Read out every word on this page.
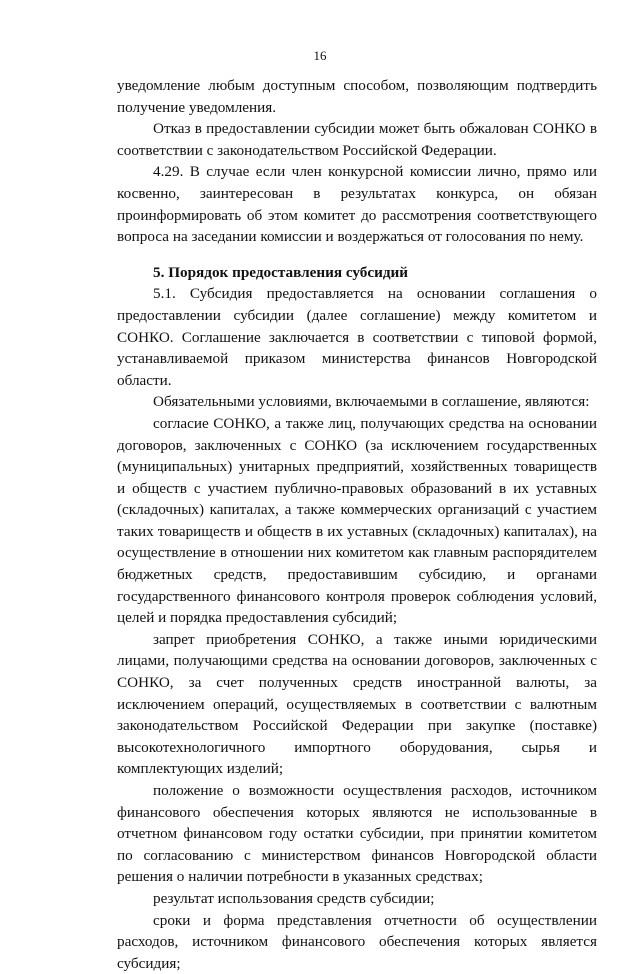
16

уведомление любым доступным способом, позволяющим подтвердить получение уведомления.

Отказ в предоставлении субсидии может быть обжалован СОНКО в соответствии с законодательством Российской Федерации.

4.29. В случае если член конкурсной комиссии лично, прямо или косвенно, заинтересован в результатах конкурса, он обязан проинформировать об этом комитет до рассмотрения соответствующего вопроса на заседании комиссии и воздержаться от голосования по нему.

5. Порядок предоставления субсидий

5.1. Субсидия предоставляется на основании соглашения о предоставлении субсидии (далее соглашение) между комитетом и СОНКО. Соглашение заключается в соответствии с типовой формой, устанавливаемой приказом министерства финансов Новгородской области.

Обязательными условиями, включаемыми в соглашение, являются:

согласие СОНКО, а также лиц, получающих средства на основании договоров, заключенных с СОНКО (за исключением государственных (муниципальных) унитарных предприятий, хозяйственных товариществ и обществ с участием публично-правовых образований в их уставных (складочных) капиталах, а также коммерческих организаций с участием таких товариществ и обществ в их уставных (складочных) капиталах), на осуществление в отношении них комитетом как главным распорядителем бюджетных средств, предоставившим субсидию, и органами государственного финансового контроля проверок соблюдения условий, целей и порядка предоставления субсидий;

запрет приобретения СОНКО, а также иными юридическими лицами, получающими средства на основании договоров, заключенных с СОНКО, за счет полученных средств иностранной валюты, за исключением операций, осуществляемых в соответствии с валютным законодательством Российской Федерации при закупке (поставке) высокотехнологичного импортного оборудования, сырья и комплектующих изделий;

положение о возможности осуществления расходов, источником финансового обеспечения которых являются не использованные в отчетном финансовом году остатки субсидии, при принятии комитетом по согласованию с министерством финансов Новгородской области решения о наличии потребности в указанных средствах;

результат использования средств субсидии;

сроки и форма представления отчетности об осуществлении расходов, источником финансового обеспечения которых является субсидия;
